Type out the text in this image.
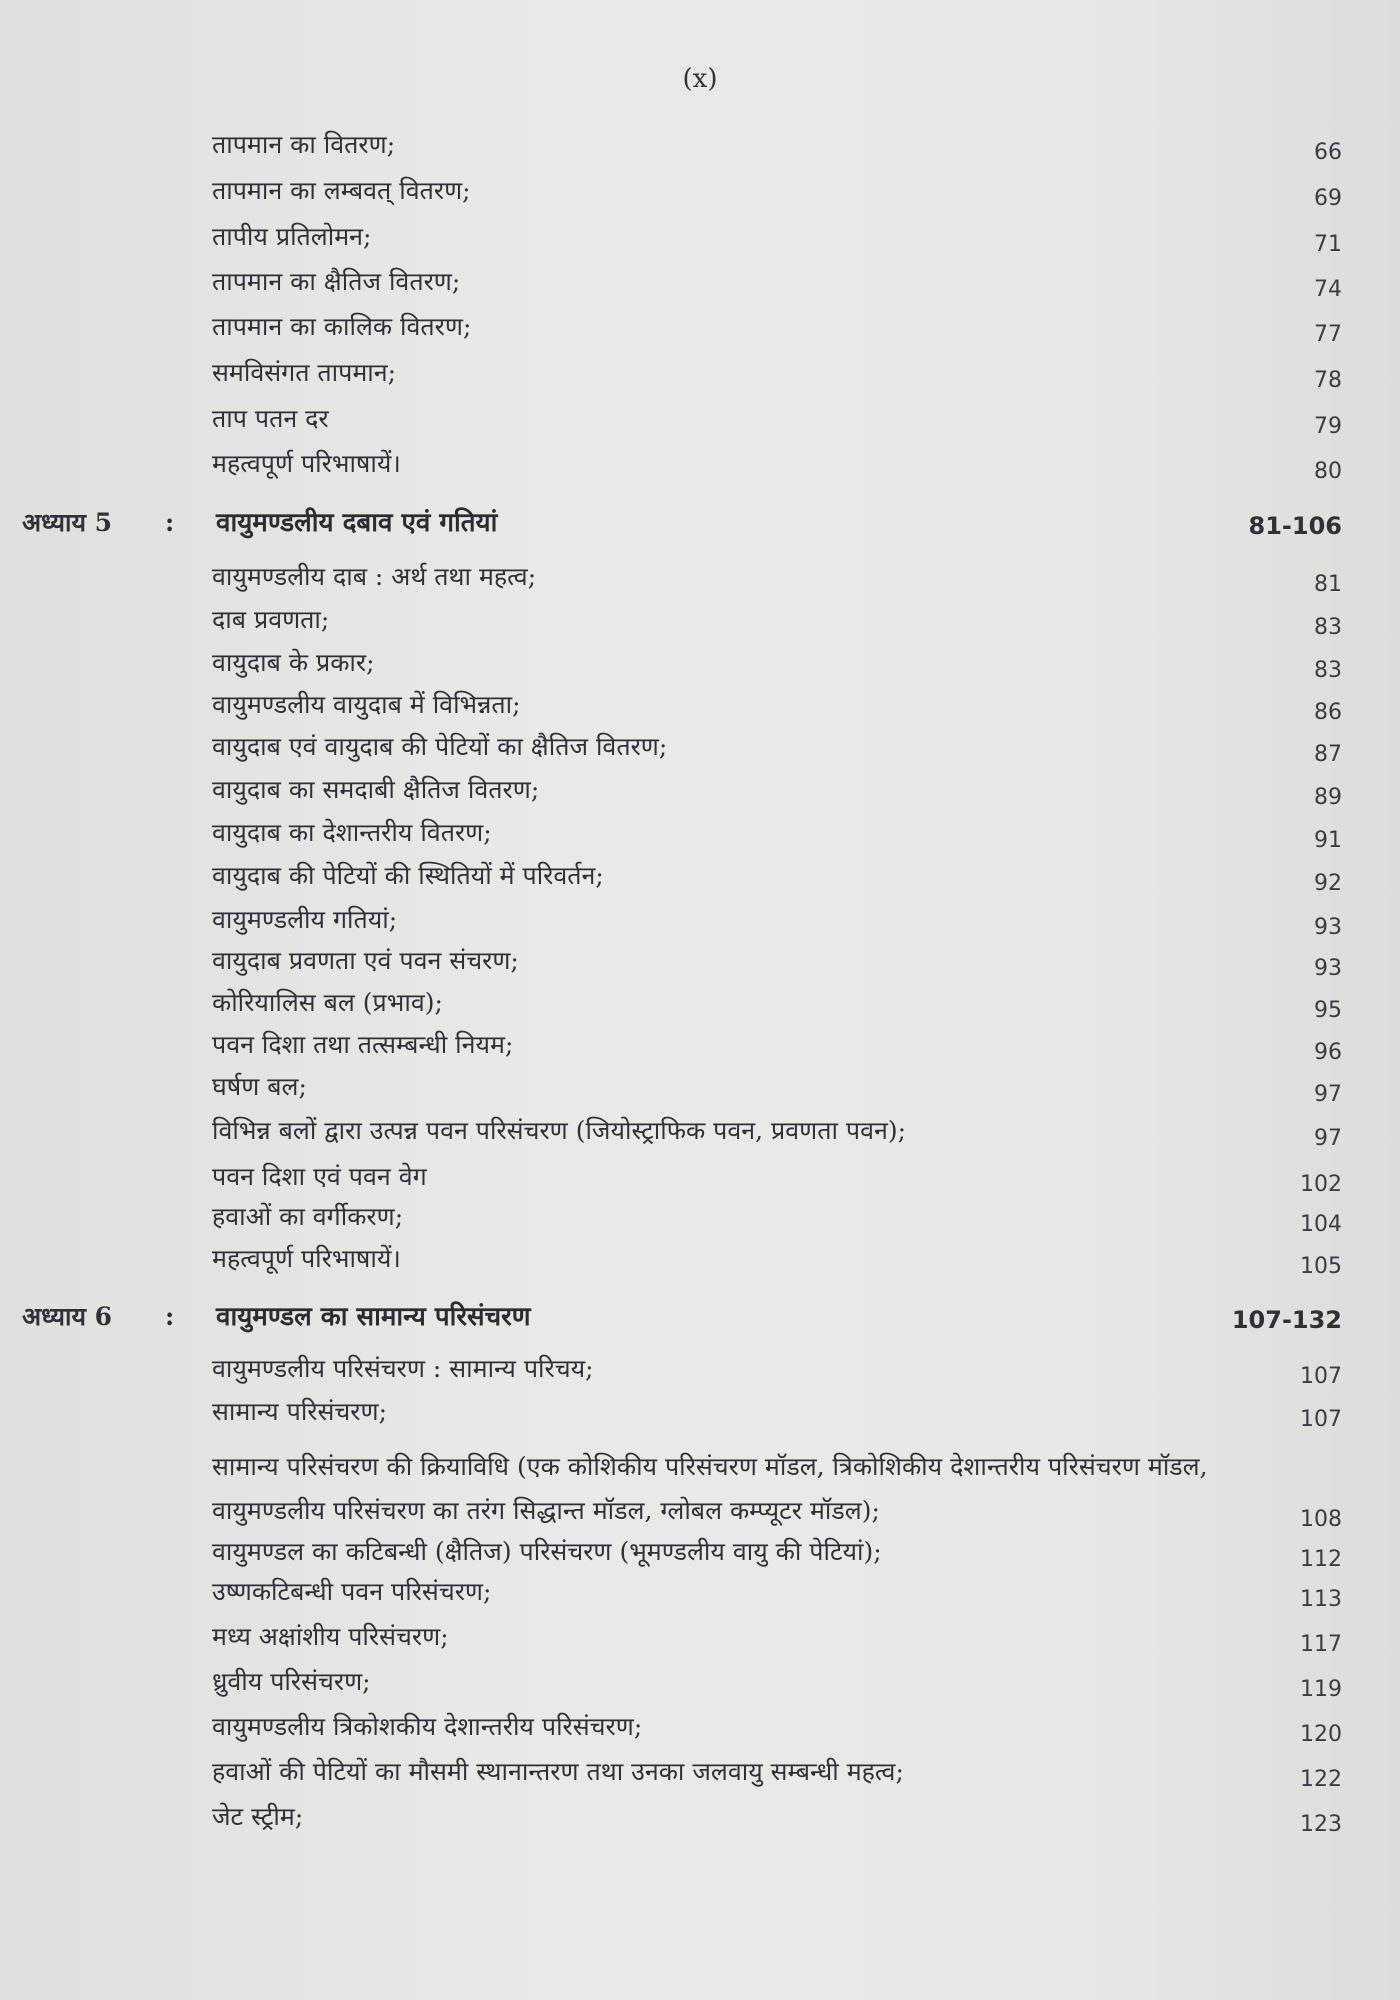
(x)
तापमान का वितरण;	66
तापमान का लम्बवत् वितरण;	69
तापीय प्रतिलोमन;	71
तापमान का क्षैतिज वितरण;	74
तापमान का कालिक वितरण;	77
समविसंगत तापमान;	78
ताप पतन दर	79
महत्वपूर्ण परिभाषायें।	80
अध्याय 5 : वायुमण्डलीय दबाव एवं गतियां	81-106
वायुमण्डलीय दाब : अर्थ तथा महत्व;	81
दाब प्रवणता;	83
वायुदाब के प्रकार;	83
वायुमण्डलीय वायुदाब में विभिन्नता;	86
वायुदाब एवं वायुदाब की पेटियों का क्षैतिज वितरण;	87
वायुदाब का समदाबी क्षैतिज वितरण;	89
वायुदाब का देशान्तरीय वितरण;	91
वायुदाब की पेटियों की स्थितियों में परिवर्तन;	92
वायुमण्डलीय गतियां;	93
वायुदाब प्रवणता एवं पवन संचरण;	93
कोरियालिस बल (प्रभाव);	95
पवन दिशा तथा तत्सम्बन्धी नियम;	96
घर्षण बल;	97
विभिन्न बलों द्वारा उत्पन्न पवन परिसंचरण (जियोस्ट्राफिक पवन, प्रवणता पवन);	97
पवन दिशा एवं पवन वेग	102
हवाओं का वर्गीकरण;	104
महत्वपूर्ण परिभाषायें।	105
अध्याय 6 : वायुमण्डल का सामान्य परिसंचरण	107-132
वायुमण्डलीय परिसंचरण : सामान्य परिचय;	107
सामान्य परिसंचरण;	107
सामान्य परिसंचरण की क्रियाविधि (एक कोशिकीय परिसंचरण मॉडल, त्रिकोशिकीय देशान्तरीय परिसंचरण मॉडल, वायुमण्डलीय परिसंचरण का तरंग सिद्धान्त मॉडल, ग्लोबल कम्प्यूटर मॉडल);	108
वायुमण्डल का कटिबन्धी (क्षैतिज) परिसंचरण (भूमण्डलीय वायु की पेटियां);	112
उष्णकटिबन्धी पवन परिसंचरण;	113
मध्य अक्षांशीय परिसंचरण;	117
ध्रुवीय परिसंचरण;	119
वायुमण्डलीय त्रिकोशकीय देशान्तरीय परिसंचरण;	120
हवाओं की पेटियों का मौसमी स्थानान्तरण तथा उनका जलवायु सम्बन्धी महत्व;	122
जेट स्ट्रीम;	123
